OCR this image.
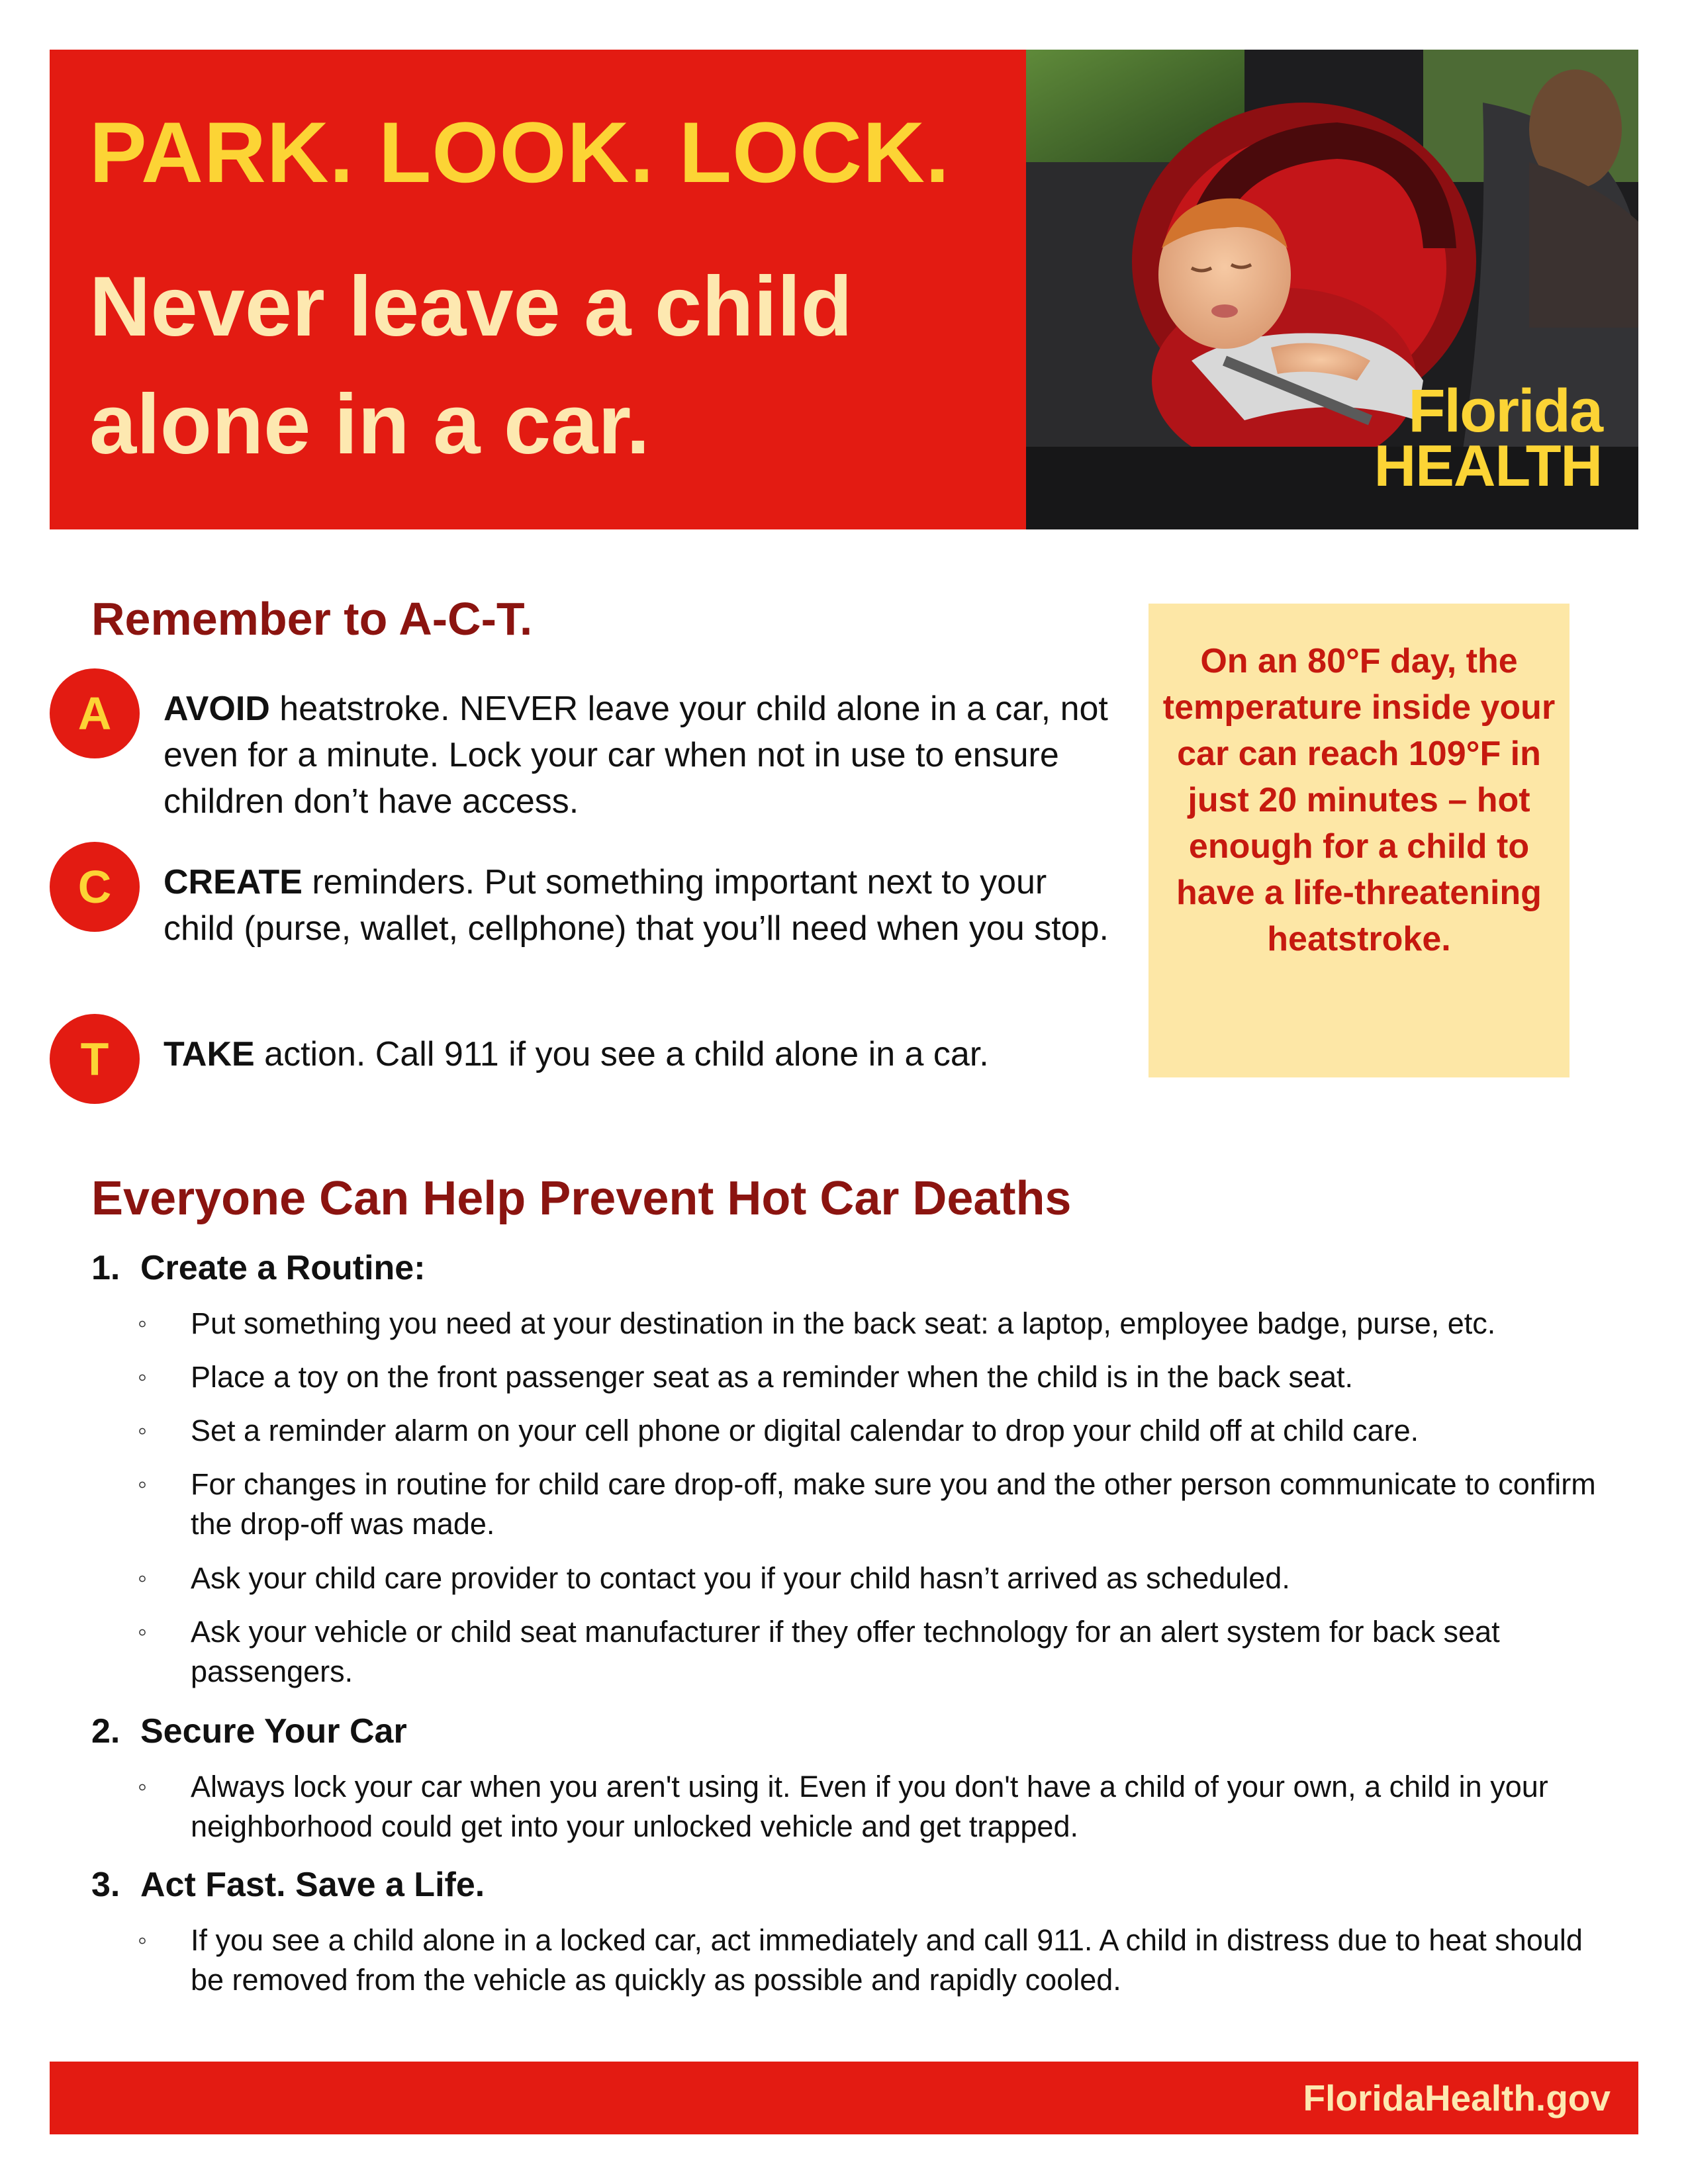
PARK. LOOK. LOCK.
Never leave a child alone in a car.	Florida
HEALTH
Remember to A-C-T.
A	AVOID heatstroke. NEVER leave your child alone in a car, not even for a minute. Lock your car when not in use to ensure children don’t have access.
C	CREATE reminders. Put something important next to your child (purse, wallet, cellphone) that you’ll need when you stop.
T	TAKE action. Call 911 if you see a child alone in a car.
On an 80°F day, the temperature inside your car can reach 109°F in just 20 minutes – hot enough for a child to have a life-threatening heatstroke.
Everyone Can Help Prevent Hot Car Deaths
1. Create a Routine:
◦ Put something you need at your destination in the back seat: a laptop, employee badge, purse, etc.
◦ Place a toy on the front passenger seat as a reminder when the child is in the back seat.
◦ Set a reminder alarm on your cell phone or digital calendar to drop your child off at child care.
◦ For changes in routine for child care drop-off, make sure you and the other person communicate to confirm the drop-off was made.
◦ Ask your child care provider to contact you if your child hasn’t arrived as scheduled.
◦ Ask your vehicle or child seat manufacturer if they offer technology for an alert system for back seat passengers.
2. Secure Your Car
◦ Always lock your car when you aren't using it. Even if you don't have a child of your own, a child in your neighborhood could get into your unlocked vehicle and get trapped.
3. Act Fast. Save a Life.
◦ If you see a child alone in a locked car, act immediately and call 911. A child in distress due to heat should be removed from the vehicle as quickly as possible and rapidly cooled.
FloridaHealth.gov
